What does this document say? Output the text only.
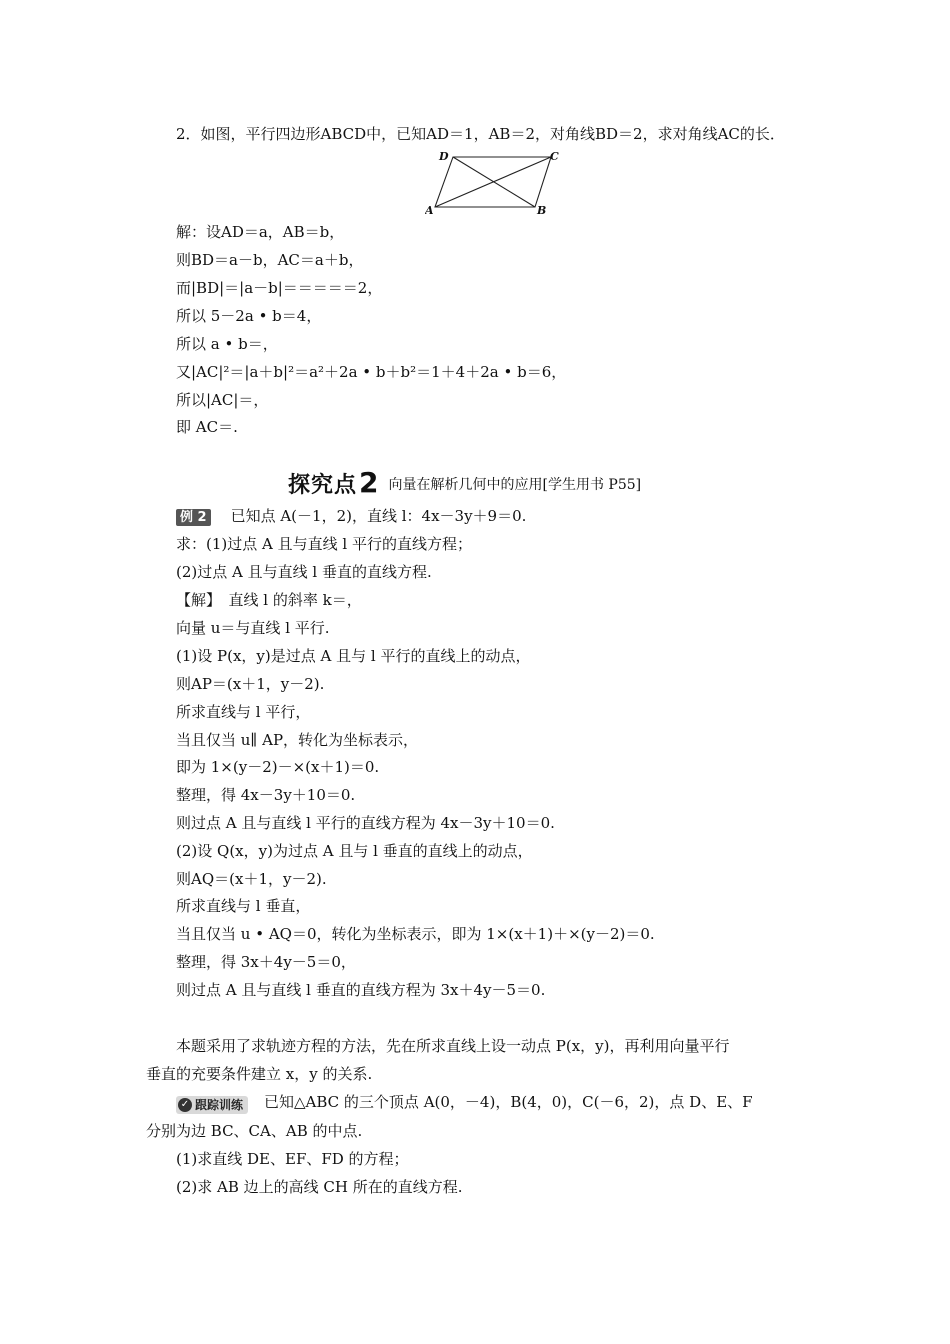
2．如图，平行四边形ABCD中，已知AD＝1，AB＝2，对角线BD＝2，求对角线AC的长．
D	C
A	B
解：设AD＝a，AB＝b，
则BD＝a－b，AC＝a＋b，
而|BD|＝|a－b|＝＝＝＝＝2，
所以 5－2a • b＝4，
所以 a • b＝，
又|AC|²＝|a＋b|²＝a²＋2a • b＋b²＝1＋4＋2a • b＝6，
所以|AC|＝，
即 AC＝.
探究点2 向量在解析几何中的应用[学生用书 P55]
例 2 已知点 A(－1，2)，直线 l：4x－3y＋9＝0.
求：(1)过点 A 且与直线 l 平行的直线方程；
(2)过点 A 且与直线 l 垂直的直线方程.
【解】　直线 l 的斜率 k＝，
向量 u＝与直线 l 平行.
(1)设 P(x，y)是过点 A 且与 l 平行的直线上的动点，
则AP＝(x＋1，y－2).
所求直线与 l 平行，
当且仅当 u∥ AP，转化为坐标表示，
即为 1×(y－2)－×(x＋1)＝0.
整理，得 4x－3y＋10＝0.
则过点 A 且与直线 l 平行的直线方程为 4x－3y＋10＝0.
(2)设 Q(x，y)为过点 A 且与 l 垂直的直线上的动点，
则AQ＝(x＋1，y－2).
所求直线与 l 垂直，
当且仅当 u • AQ＝0，转化为坐标表示，即为 1×(x＋1)＋×(y－2)＝0.
整理，得 3x＋4y－5＝0，
则过点 A 且与直线 l 垂直的直线方程为 3x＋4y－5＝0.
本题采用了求轨迹方程的方法，先在所求直线上设一动点 P(x，y)，再利用向量平行
垂直的充要条件建立 x，y 的关系.
✓ 跟踪训练 已知△ABC 的三个顶点 A(0，－4)，B(4，0)，C(－6，2)，点 D、E、F
分别为边 BC、CA、AB 的中点.
(1)求直线 DE、EF、FD 的方程；
(2)求 AB 边上的高线 CH 所在的直线方程.
